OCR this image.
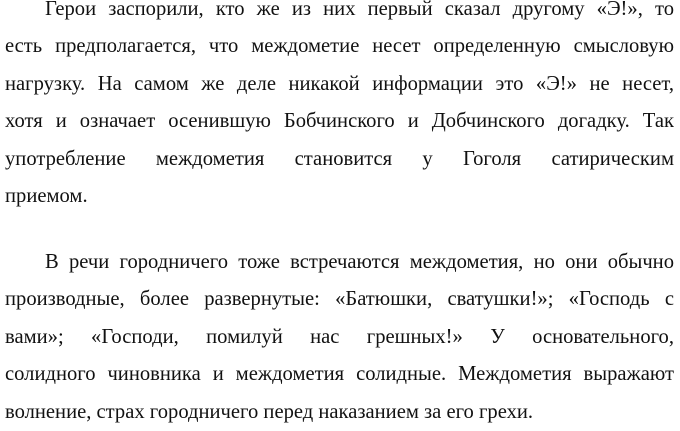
Герои заспорили, кто же из них первый сказал другому «Э!», то
есть предполагается, что междометие несет определенную смысловую
нагрузку. На самом же деле никакой информации это «Э!» не несет,
хотя и означает осенившую Бобчинского и Добчинского догадку. Так
употребление междометия становится у Гоголя сатирическим
приемом.
В речи городничего тоже встречаются междометия, но они обычно
производные, более развернутые: «Батюшки, сватушки!»; «Господь с
вами»; «Господи, помилуй нас грешных!» У основательного,
солидного чиновника и междометия солидные. Междометия выражают
волнение, страх городничего перед наказанием за его грехи.
